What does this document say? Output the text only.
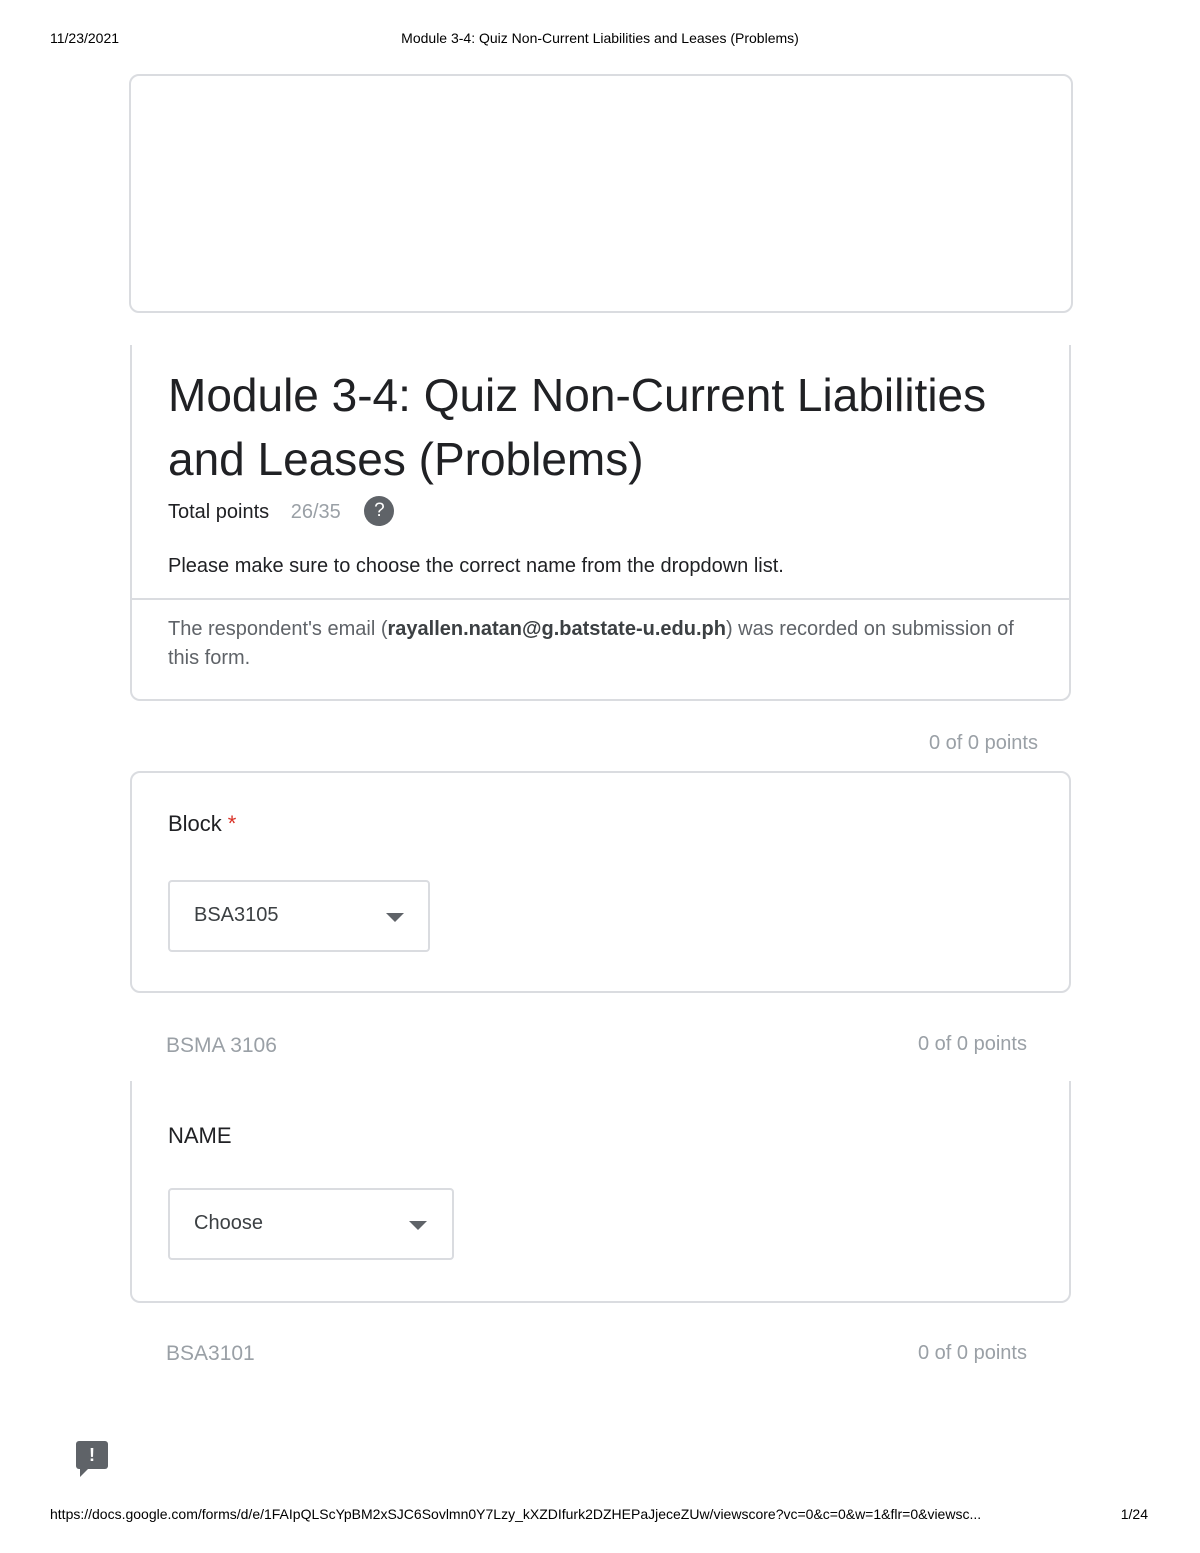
11/23/2021	Module 3-4: Quiz Non-Current Liabilities and Leases (Problems)
Module 3-4: Quiz Non-Current Liabilities and Leases (Problems)
Total points 26/35 ?
Please make sure to choose the correct name from the dropdown list.
The respondent's email (rayallen.natan@g.batstate-u.edu.ph) was recorded on submission of this form.
0 of 0 points
Block *
BSA3105
BSMA 3106	0 of 0 points
NAME
Choose
BSA3101	0 of 0 points
!
https://docs.google.com/forms/d/e/1FAIpQLScYpBM2xSJC6Sovlmn0Y7Lzy_kXZDIfurk2DZHEPaJjeceZUw/viewscore?vc=0&c=0&w=1&flr=0&viewsc...	1/24
